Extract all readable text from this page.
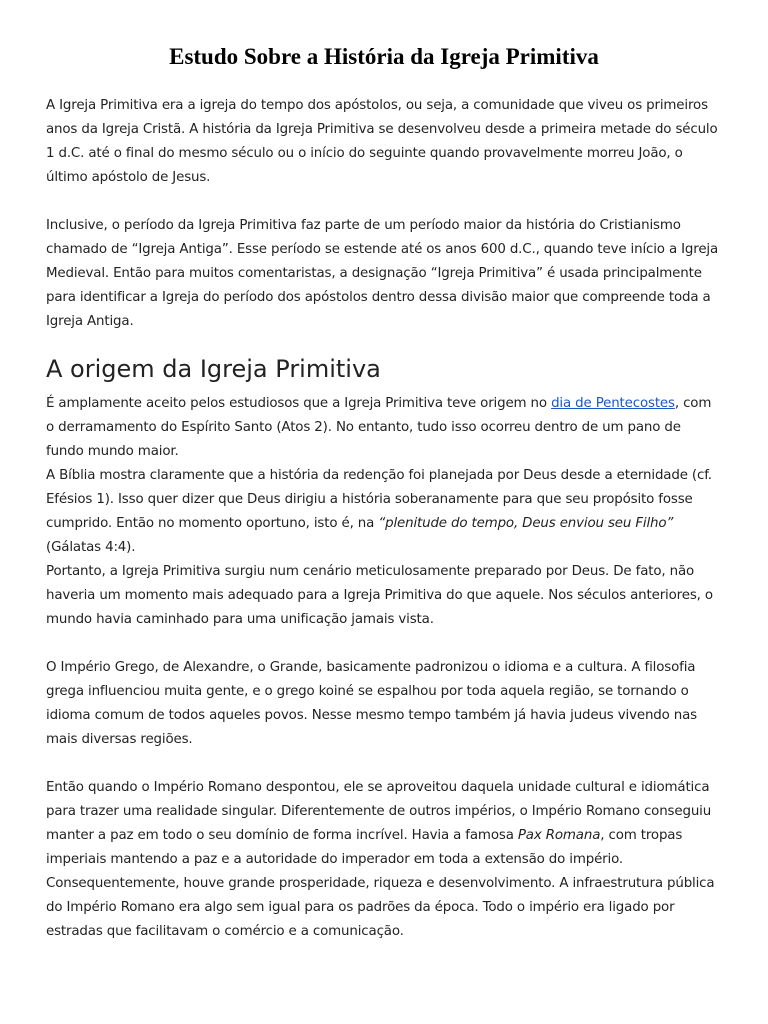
Estudo Sobre a História da Igreja Primitiva

A Igreja Primitiva era a igreja do tempo dos apóstolos, ou seja, a comunidade que viveu os primeiros anos da Igreja Cristã. A história da Igreja Primitiva se desenvolveu desde a primeira metade do século 1 d.C. até o final do mesmo século ou o início do seguinte quando provavelmente morreu João, o último apóstolo de Jesus.

Inclusive, o período da Igreja Primitiva faz parte de um período maior da história do Cristianismo chamado de “Igreja Antiga”. Esse período se estende até os anos 600 d.C., quando teve início a Igreja Medieval. Então para muitos comentaristas, a designação “Igreja Primitiva” é usada principalmente para identificar a Igreja do período dos apóstolos dentro dessa divisão maior que compreende toda a Igreja Antiga.

A origem da Igreja Primitiva

É amplamente aceito pelos estudiosos que a Igreja Primitiva teve origem no dia de Pentecostes, com o derramamento do Espírito Santo (Atos 2). No entanto, tudo isso ocorreu dentro de um pano de fundo mundo maior.

A Bíblia mostra claramente que a história da redenção foi planejada por Deus desde a eternidade (cf. Efésios 1). Isso quer dizer que Deus dirigiu a história soberanamente para que seu propósito fosse cumprido. Então no momento oportuno, isto é, na “plenitude do tempo, Deus enviou seu Filho” (Gálatas 4:4).

Portanto, a Igreja Primitiva surgiu num cenário meticulosamente preparado por Deus. De fato, não haveria um momento mais adequado para a Igreja Primitiva do que aquele. Nos séculos anteriores, o mundo havia caminhado para uma unificação jamais vista.

O Império Grego, de Alexandre, o Grande, basicamente padronizou o idioma e a cultura. A filosofia grega influenciou muita gente, e o grego koiné se espalhou por toda aquela região, se tornando o idioma comum de todos aqueles povos. Nesse mesmo tempo também já havia judeus vivendo nas mais diversas regiões.

Então quando o Império Romano despontou, ele se aproveitou daquela unidade cultural e idiomática para trazer uma realidade singular. Diferentemente de outros impérios, o Império Romano conseguiu manter a paz em todo o seu domínio de forma incrível. Havia a famosa Pax Romana, com tropas imperiais mantendo a paz e a autoridade do imperador em toda a extensão do império. Consequentemente, houve grande prosperidade, riqueza e desenvolvimento. A infraestrutura pública do Império Romano era algo sem igual para os padrões da época. Todo o império era ligado por estradas que facilitavam o comércio e a comunicação.
